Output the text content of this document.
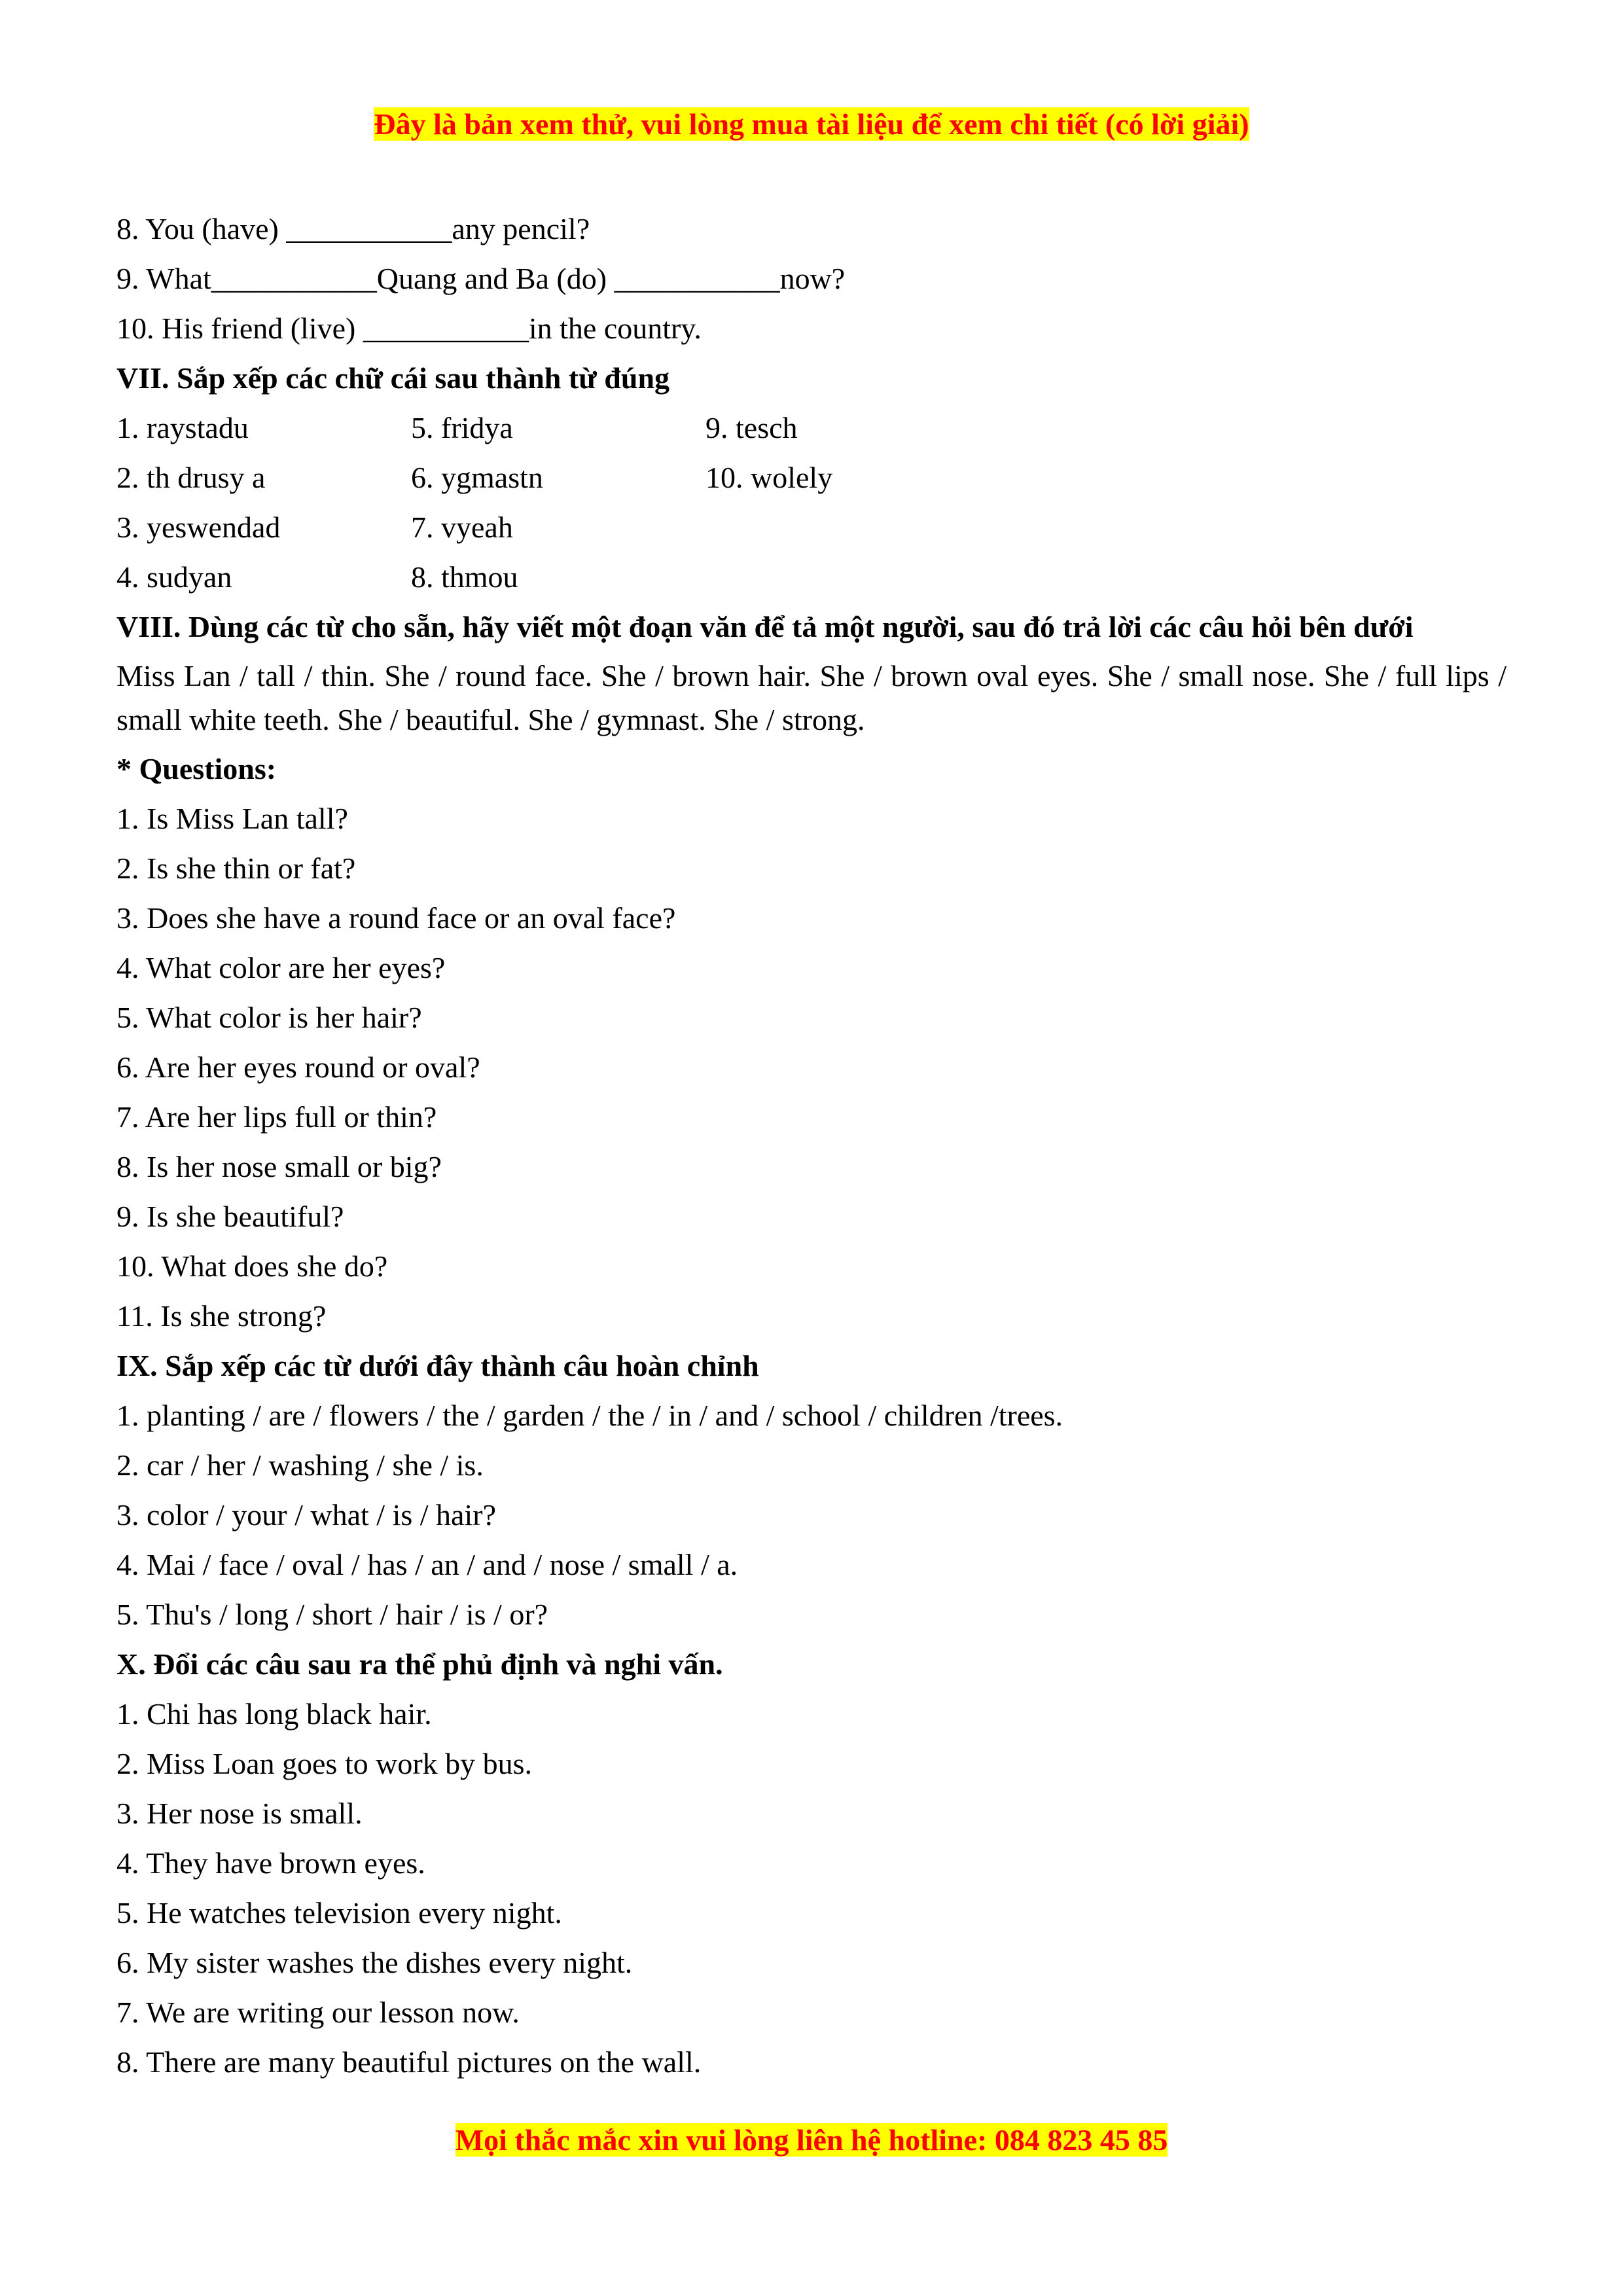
Đây là bản xem thử, vui lòng mua tài liệu để xem chi tiết (có lời giải)
8. You (have) ___________any pencil?
9. What___________Quang and Ba (do) ___________now?
10. His friend (live) ___________in the country.
VII. Sắp xếp các chữ cái sau thành từ đúng
1. raystadu	5. fridya	9. tesch
2. th drusy a	6. ygmastn	10. wolely
3. yeswendad	7. vyeah
4. sudyan	8. thmou
VIII. Dùng các từ cho sẵn, hãy viết một đoạn văn để tả một người, sau đó trả lời các câu hỏi bên dưới
Miss Lan / tall / thin. She / round face. She / brown hair. She / brown oval eyes. She / small nose. She / full lips / small white teeth. She / beautiful. She / gymnast. She / strong.
* Questions:
1. Is Miss Lan tall?
2. Is she thin or fat?
3. Does she have a round face or an oval face?
4. What color are her eyes?
5. What color is her hair?
6. Are her eyes round or oval?
7. Are her lips full or thin?
8. Is her nose small or big?
9. Is she beautiful?
10. What does she do?
11. Is she strong?
IX. Sắp xếp các từ dưới đây thành câu hoàn chỉnh
1. planting / are / flowers / the / garden / the / in / and / school / children /trees.
2. car / her / washing / she / is.
3. color / your / what / is / hair?
4. Mai / face / oval / has / an / and / nose / small / a.
5. Thu's / long / short / hair / is / or?
X. Đổi các câu sau ra thể phủ định và nghi vấn.
1. Chi has long black hair.
2. Miss Loan goes to work by bus.
3. Her nose is small.
4. They have brown eyes.
5. He watches television every night.
6. My sister washes the dishes every night.
7. We are writing our lesson now.
8. There are many beautiful pictures on the wall.
Mọi thắc mắc xin vui lòng liên hệ hotline: 084 823 45 85
